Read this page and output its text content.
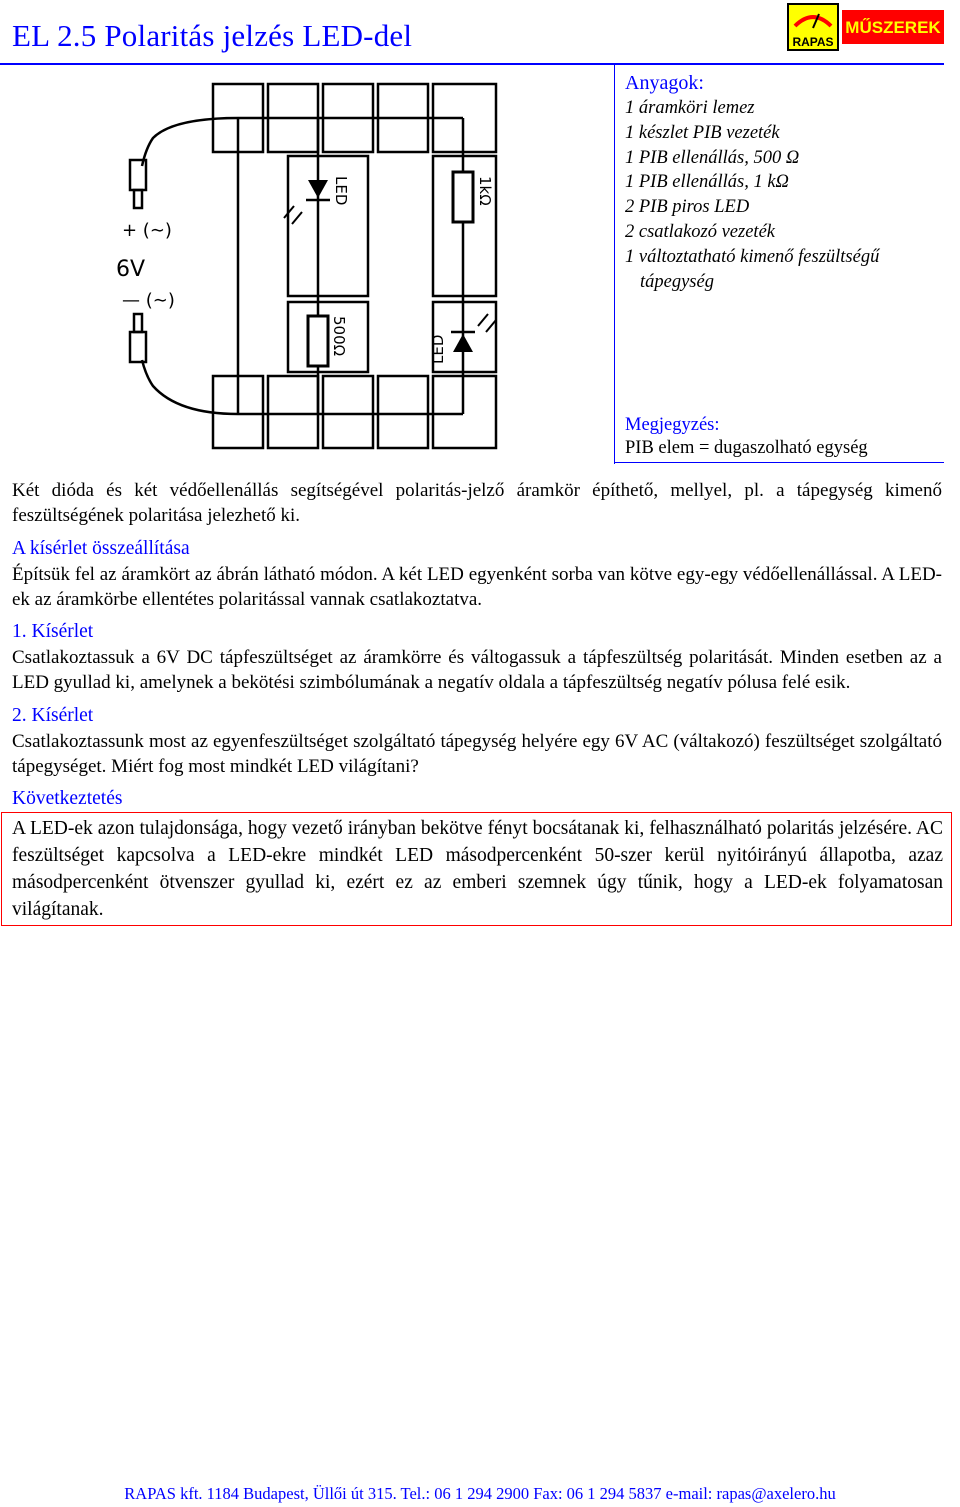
EL 2.5 Polaritás jelzés LED-del	RAPAS
MŰSZEREK
+ (∼)
6V
— (∼)
LED	1kΩ
500Ω	LED
Anyagok:
1 áramköri lemez
1 készlet PIB vezeték
1 PIB ellenállás, 500 Ω
1 PIB ellenállás, 1 kΩ
2 PIB piros LED
2 csatlakozó vezeték
1 változtatható kimenő feszültségű
tápegység
Megjegyzés:
PIB elem = dugaszolható egység

Két dióda és két védőellenállás segítségével polaritás-jelző áramkör építhető, mellyel, pl. a tápegység kimenő feszültségének polaritása jelezhető ki.

A kísérlet összeállítása

Építsük fel az áramkört az ábrán látható módon. A két LED egyenként sorba van kötve egy-egy védőellenállással. A LED-ek az áramkörbe ellentétes polaritással vannak csatlakoztatva.

1. Kísérlet

Csatlakoztassuk a 6V DC tápfeszültséget az áramkörre és váltogassuk a tápfeszültség polaritását. Minden esetben az a LED gyullad ki, amelynek a bekötési szimbólumának a negatív oldala a tápfeszültség negatív pólusa felé esik.

2. Kísérlet

Csatlakoztassunk most az egyenfeszültséget szolgáltató tápegység helyére egy 6V AC (váltakozó) feszültséget szolgáltató tápegységet. Miért fog most mindkét LED világítani?

Következtetés

A LED-ek azon tulajdonsága, hogy vezető irányban bekötve fényt bocsátanak ki, felhasználható polaritás jelzésére. AC feszültséget kapcsolva a LED-ekre mindkét LED másodpercenként 50-szer kerül nyitóirányú állapotba, azaz másodpercenként ötvenszer gyullad ki, ezért ez az emberi szemnek úgy tűnik, hogy a LED-ek folyamatosan világítanak.

RAPAS kft. 1184 Budapest, Üllői út 315. Tel.: 06 1 294 2900 Fax: 06 1 294 5837 e-mail: rapas@axelero.hu
